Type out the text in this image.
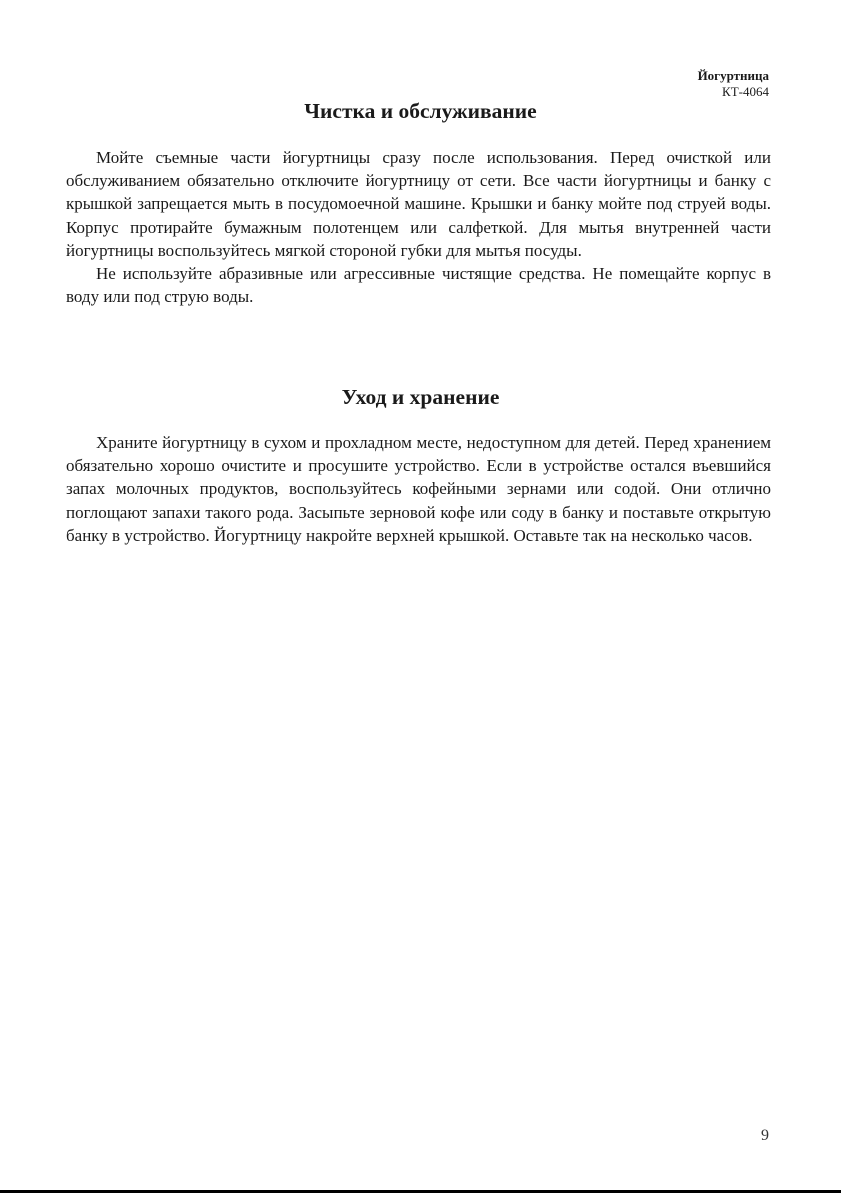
Йогуртница
КТ-4064
Чистка и обслуживание

Мойте съемные части йогуртницы сразу после использования. Перед очисткой или обслуживанием обязательно отключите йогуртницу от сети. Все части йогуртницы и банку с крышкой запрещается мыть в посудомоечной машине. Крышки и банку мойте под струей воды. Корпус протирайте бумажным полотенцем или салфеткой. Для мытья внутренней части йогуртницы воспользуйтесь мягкой стороной губки для мытья посуды.

Не используйте абразивные или агрессивные чистящие средства. Не помещайте корпус в воду или под струю воды.

Уход и хранение

Храните йогуртницу в сухом и прохладном месте, недоступном для детей. Перед хранением обязательно хорошо очистите и просушите устройство. Если в устройстве остался въевшийся запах молочных продуктов, воспользуйтесь кофейными зернами или содой. Они отлично поглощают запахи такого рода. Засыпьте зерновой кофе или соду в банку и поставьте открытую банку в устройство. Йогуртницу накройте верхней крышкой. Оставьте так на несколько часов.

9
